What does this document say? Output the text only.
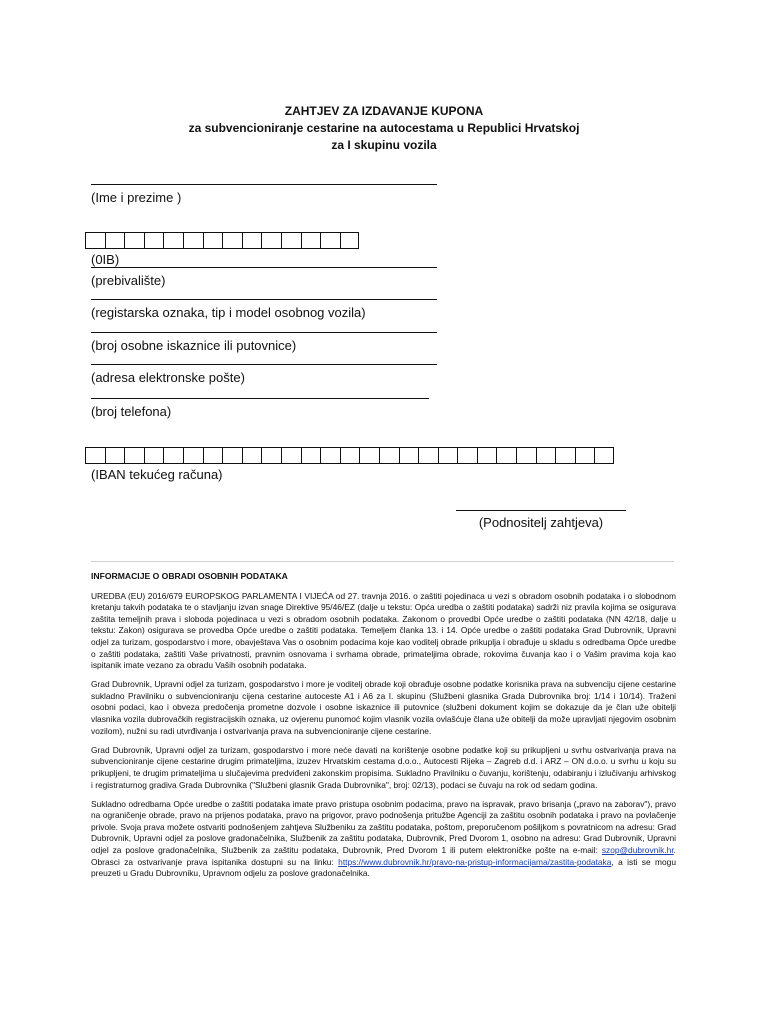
ZAHTJEV ZA IZDAVANJE KUPONA
za subvencioniranje cestarine na autocestama u Republici Hrvatskoj
za I skupinu vozila
(Ime i prezime )
(0IB)
(prebivalište)
(registarska oznaka, tip i model osobnog vozila)
(broj osobne iskaznice ili putovnice)
(adresa elektronske pošte)
(broj telefona)
(IBAN tekućeg računa)
(Podnositelj zahtjeva)
INFORMACIJE O OBRADI OSOBNIH PODATAKA

UREDBA (EU) 2016/679 EUROPSKOG PARLAMENTA I VIJEĆA od 27. travnja 2016. o zaštiti pojedinaca u vezi s obradom osobnih podataka i o slobodnom kretanju takvih podataka te o stavljanju izvan snage Direktive 95/46/EZ (dalje u tekstu: Opća uredba o zaštiti podataka) sadrži niz pravila kojima se osigurava zaštita temeljnih prava i sloboda pojedinaca u vezi s obradom osobnih podataka. Zakonom o provedbi Opće uredbe o zaštiti podataka (NN 42/18, dalje u tekstu: Zakon) osigurava se provedba Opće uredbe o zaštiti podataka. Temeljem članka 13. i 14. Opće uredbe o zaštiti podataka Grad Dubrovnik, Upravni odjel za turizam, gospodarstvo i more, obavještava Vas o osobnim podacima koje kao voditelj obrade prikuplja i obrađuje u skladu s odredbama Opće uredbe o zaštiti podataka, zaštiti Vaše privatnosti, pravnim osnovama i svrhama obrade, primateljima obrade, rokovima čuvanja kao i o Vašim pravima koja kao ispitanik imate vezano za obradu Vaših osobnih podataka.

Grad Dubrovnik, Upravni odjel za turizam, gospodarstvo i more je voditelj obrade koji obrađuje osobne podatke korisnika prava na subvenciju cijene cestarine sukladno Pravilniku o subvencioniranju cijena cestarine autoceste A1 i A6 za I. skupinu (Službeni glasnika Grada Dubrovnika broj: 1/14 i 10/14). Traženi osobni podaci, kao i obveza predočenja prometne dozvole i osobne iskaznice ili putovnice (službeni dokument kojim se dokazuje da je član uže obitelji vlasnika vozila dubrovačkih registracijskih oznaka, uz ovjerenu punomoć kojim vlasnik vozila ovlašćuje člana uže obitelji da može upravljati njegovim osobnim vozilom), nužni su radi utvrđivanja i ostvarivanja prava na subvencioniranje cijene cestarine.

Grad Dubrovnik, Upravni odjel za turizam, gospodarstvo i more neće davati na korištenje osobne podatke koji su prikupljeni u svrhu ostvarivanja prava na subvencioniranje cijene cestarine drugim primateljima, izuzev Hrvatskim cestama d.o.o., Autocesti Rijeka – Zagreb d.d. i ARZ – ON d.o.o. u svrhu u koju su prikupljeni, te drugim primateljima u slučajevima predviđeni zakonskim propisima. Sukladno Pravilniku o čuvanju, korištenju, odabiranju i izlučivanju arhivskog i registraturnog gradiva Grada Dubrovnika ("Službeni glasnik Grada Dubrovnika", broj: 02/13), podaci se čuvaju na rok od sedam godina.

Sukladno odredbama Opće uredbe o zaštiti podataka imate pravo pristupa osobnim podacima, pravo na ispravak, pravo brisanja („pravo na zaborav"), pravo na ograničenje obrade, pravo na prijenos podataka, pravo na prigovor, pravo podnošenja pritužbe Agenciji za zaštitu osobnih podataka i pravo na povlačenje privole. Svoja prava možete ostvariti podnošenjem zahtjeva Službeniku za zaštitu podataka, poštom, preporučenom pošiljkom s povratnicom na adresu: Grad Dubrovnik, Upravni odjel za poslove gradonačelnika, Službenik za zaštitu podataka, Dubrovnik, Pred Dvorom 1, osobno na adresu: Grad Dubrovnik, Upravni odjel za poslove gradonačelnika, Službenik za zaštitu podataka, Dubrovnik, Pred Dvorom 1 ili putem elektroničke pošte na e-mail: szop@dubrovnik.hr. Obrasci za ostvarivanje prava ispitanika dostupni su na linku: https://www.dubrovnik.hr/pravo-na-pristup-informacijama/zastita-podataka, a isti se mogu preuzeti u Gradu Dubrovniku, Upravnom odjelu za poslove gradonačelnika.
